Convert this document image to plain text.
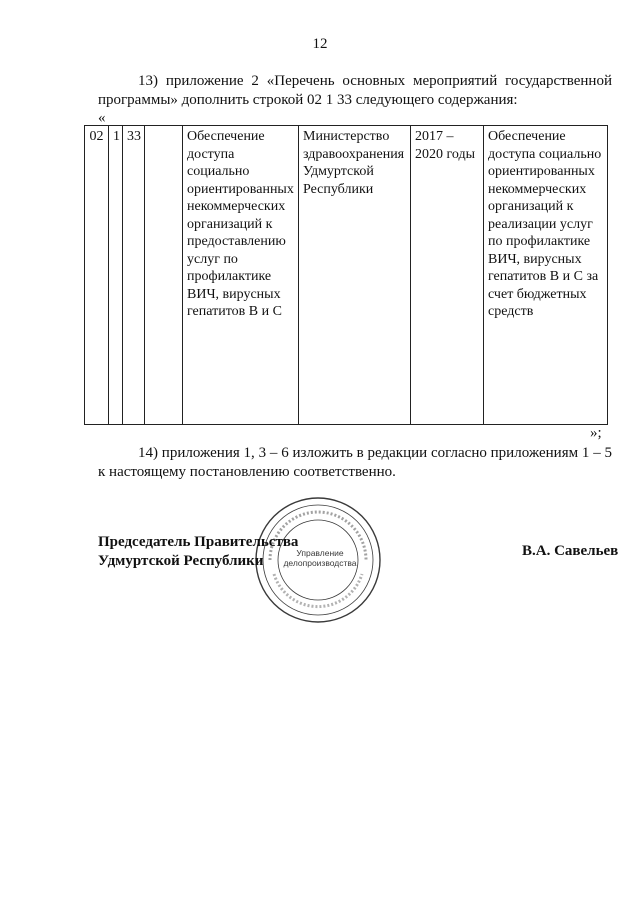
12
13) приложение 2 «Перечень основных мероприятий государственной программы» дополнить строкой 02 1 33 следующего содержания:
«
02	1	33		Обеспечение доступа социально ориентированных некоммерческих организаций к предоставлению услуг по профилактике ВИЧ, вирусных гепатитов В и С	Министерство здравоохранения Удмуртской Республики	2017 – 2020 годы	Обеспечение доступа социально ориентированных некоммерческих организаций к реализации услуг по профилактике ВИЧ, вирусных гепатитов В и С за счет бюджетных средств
»;
14) приложения 1, 3 – 6 изложить в редакции согласно приложениям 1 – 5 к настоящему постановлению соответственно.
Управление
делопроизводства
Председатель Правительства
Удмуртской Республики
В.А. Савельев
